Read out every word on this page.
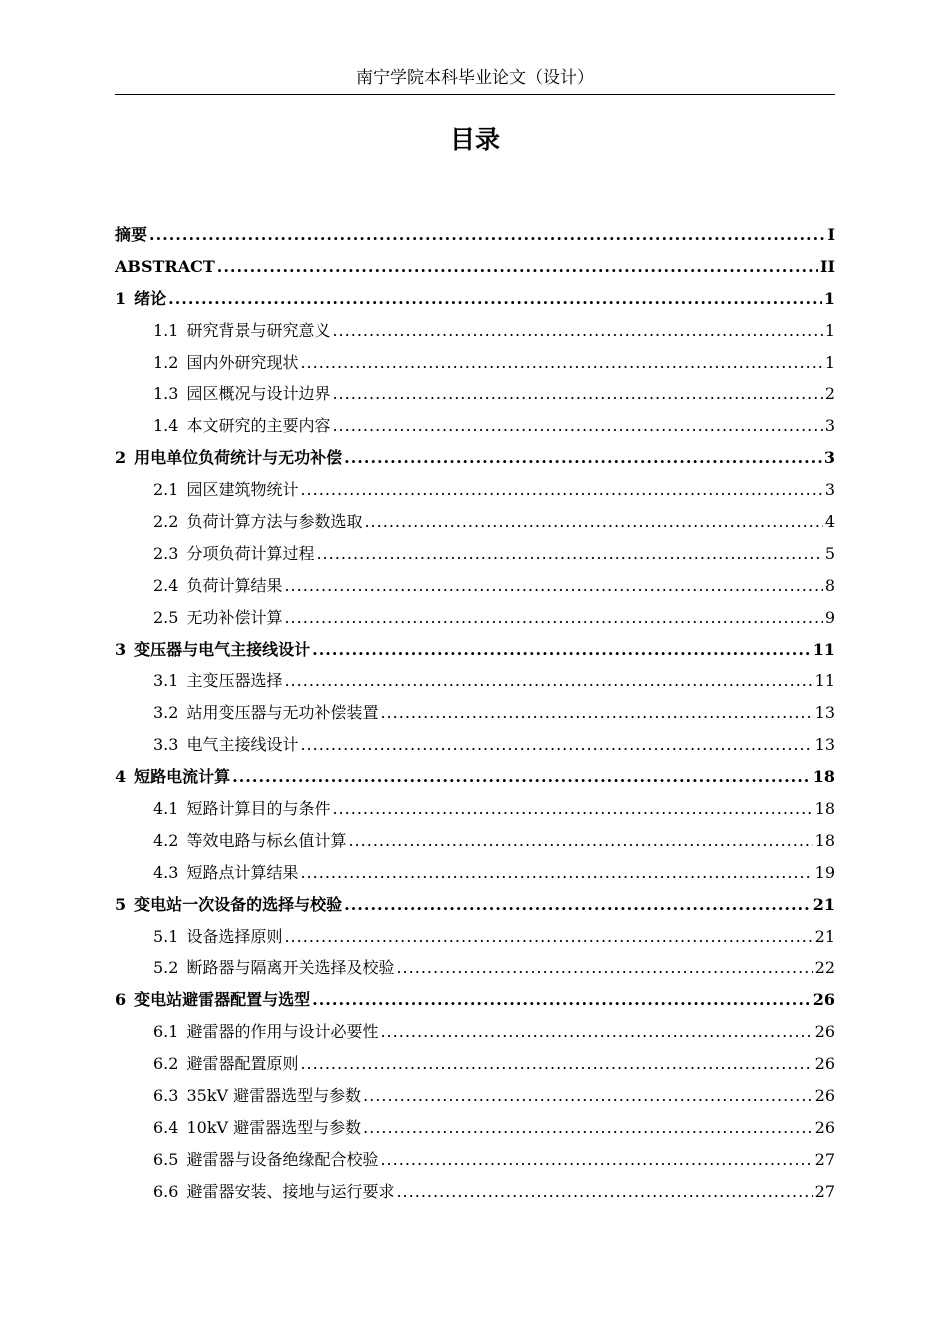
南宁学院本科毕业论文（设计）
目录
摘要 .....	I
ABSTRACT .....	II
1 绪论 .....	1
1.1 研究背景与研究意义 .....	1
1.2 国内外研究现状 .....	1
1.3 园区概况与设计边界 .....	2
1.4 本文研究的主要内容 .....	3
2 用电单位负荷统计与无功补偿 .....	3
2.1 园区建筑物统计 .....	3
2.2 负荷计算方法与参数选取 .....	4
2.3 分项负荷计算过程 .....	5
2.4 负荷计算结果 .....	8
2.5 无功补偿计算 .....	9
3 变压器与电气主接线设计 .....	11
3.1 主变压器选择 .....	11
3.2 站用变压器与无功补偿装置 .....	13
3.3 电气主接线设计 .....	13
4 短路电流计算 .....	18
4.1 短路计算目的与条件 .....	18
4.2 等效电路与标幺值计算 .....	18
4.3 短路点计算结果 .....	19
5 变电站一次设备的选择与校验 .....	21
5.1 设备选择原则 .....	21
5.2 断路器与隔离开关选择及校验 .....	22
6 变电站避雷器配置与选型 .....	26
6.1 避雷器的作用与设计必要性 .....	26
6.2 避雷器配置原则 .....	26
6.3 35kV 避雷器选型与参数 .....	26
6.4 10kV 避雷器选型与参数 .....	26
6.5 避雷器与设备绝缘配合校验 .....	27
6.6 避雷器安装、接地与运行要求 .....	27
